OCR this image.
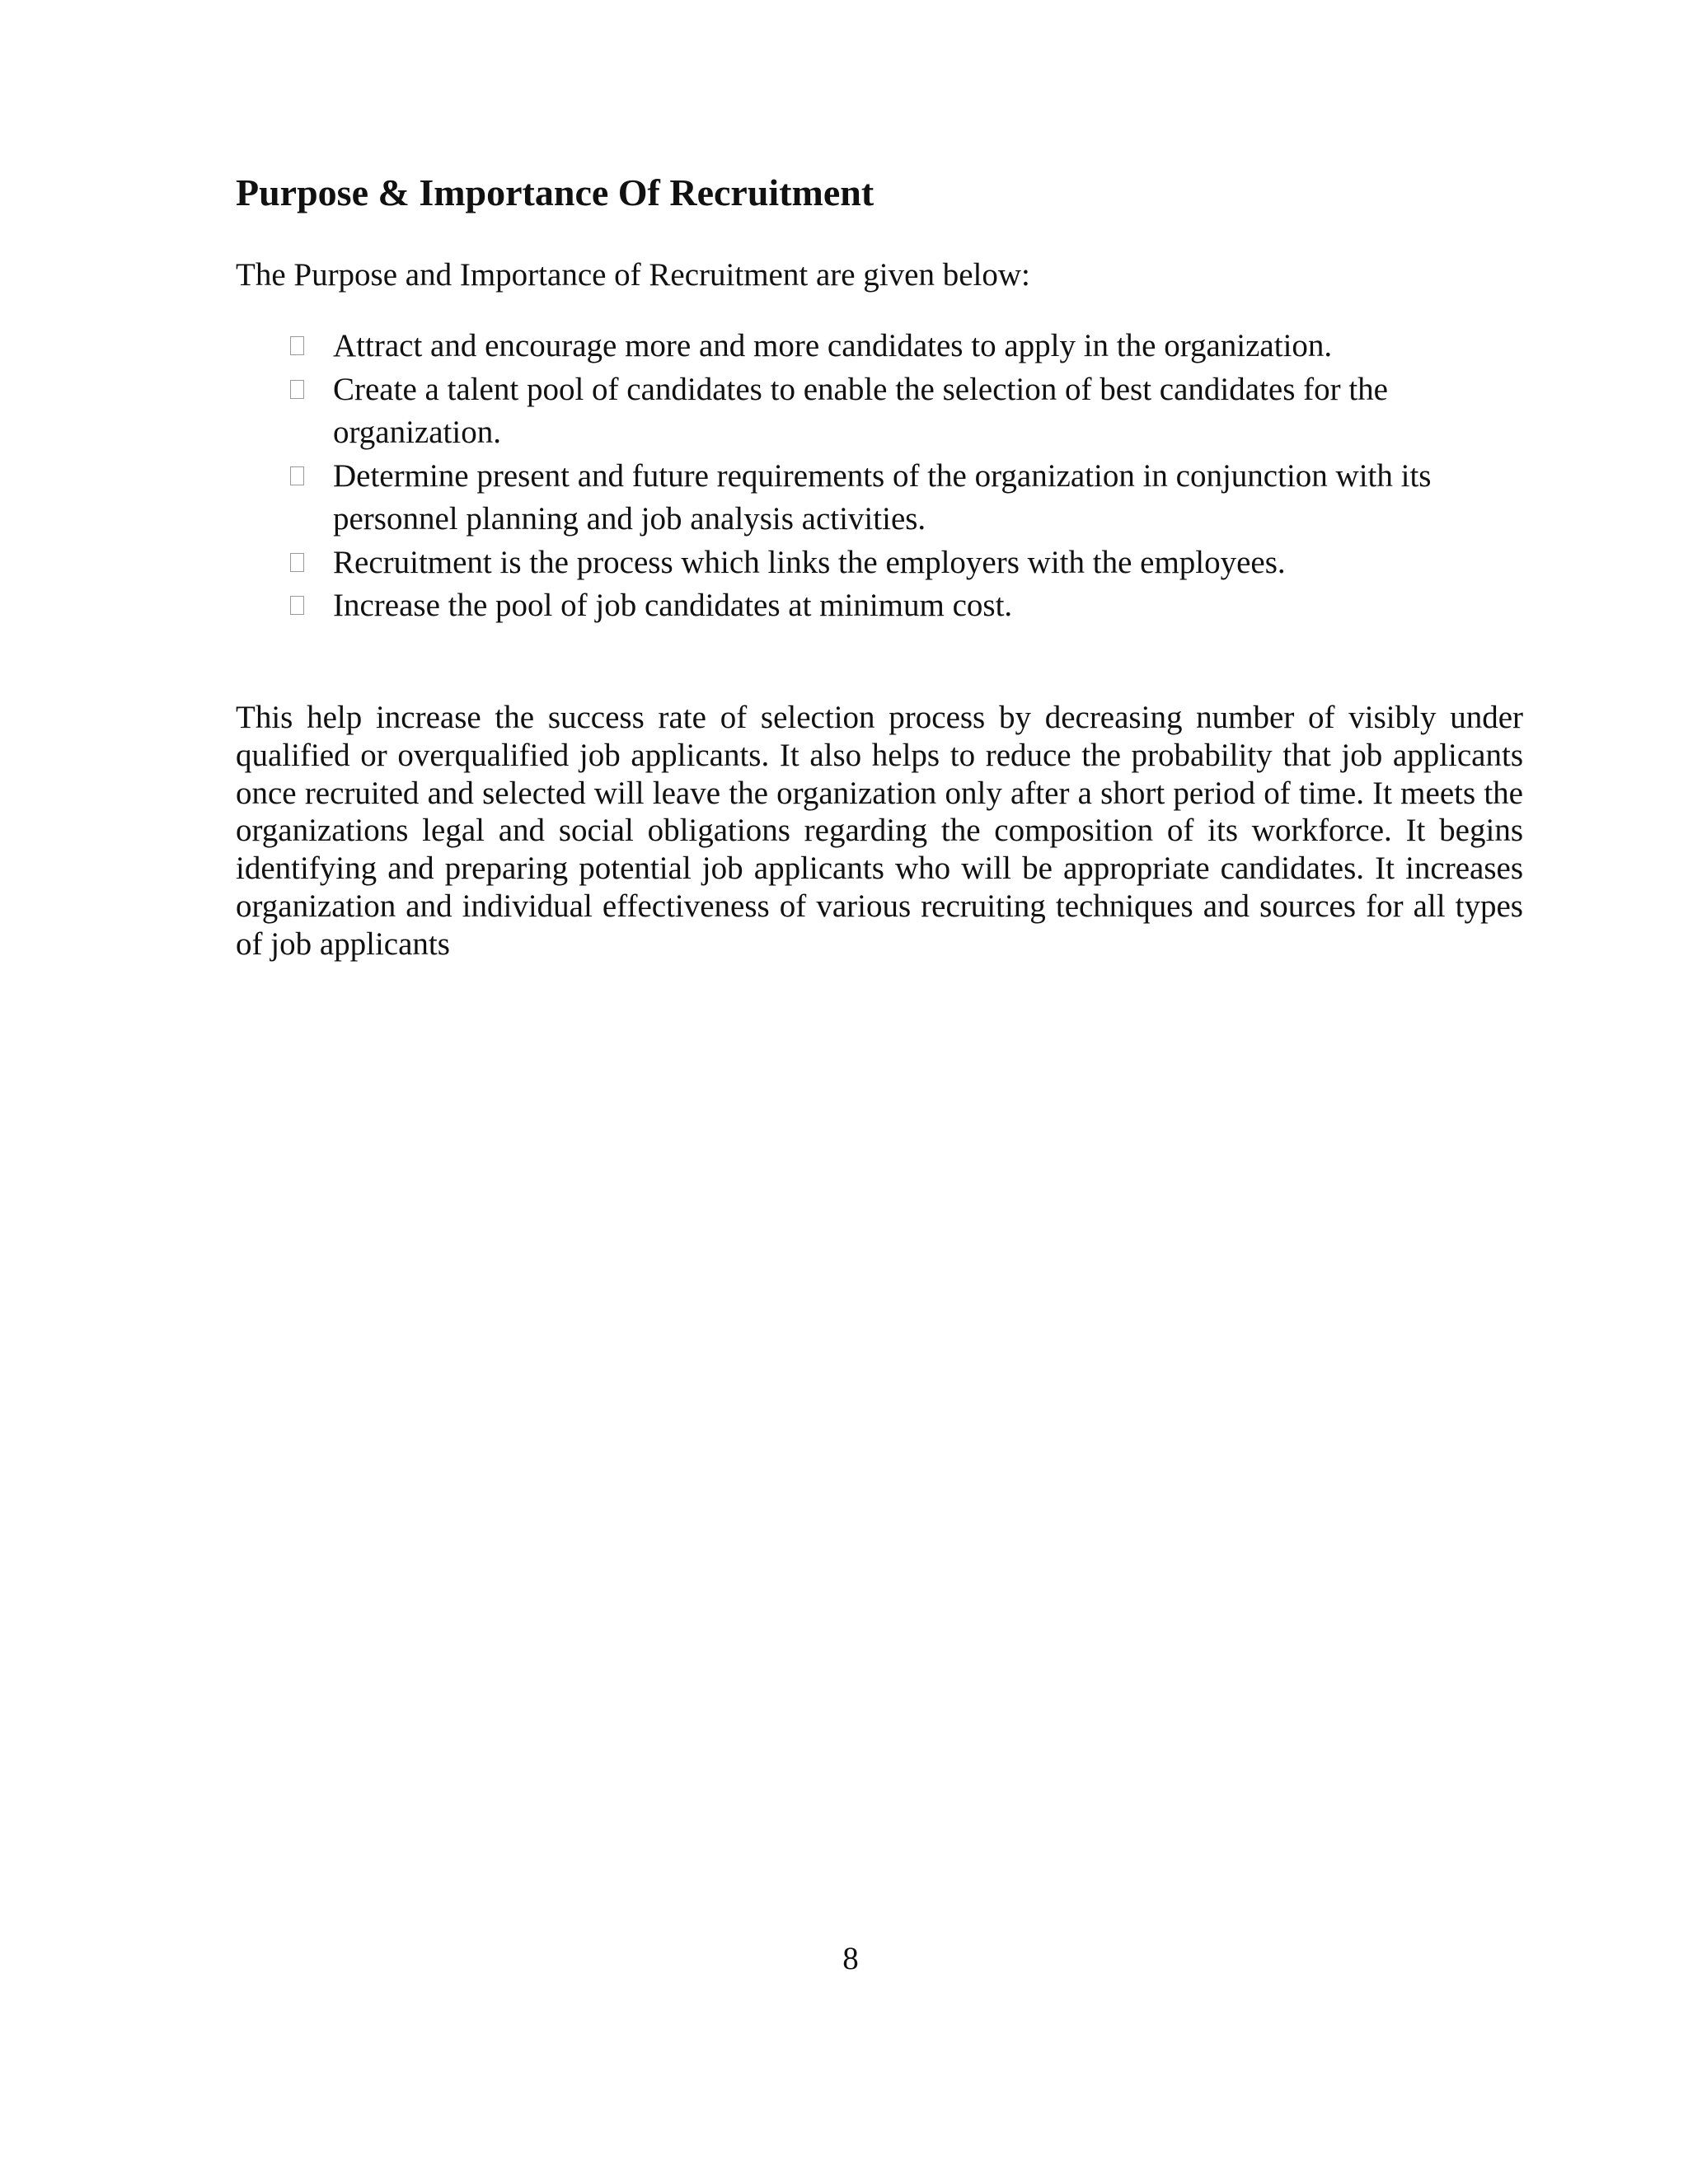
Purpose & Importance Of Recruitment

The Purpose and Importance of Recruitment are given below:

Attract and encourage more and more candidates to apply in the organization.
Create a talent pool of candidates to enable the selection of best candidates for the organization.
Determine present and future requirements of the organization in conjunction with its personnel planning and job analysis activities.
Recruitment is the process which links the employers with the employees.
Increase the pool of job candidates at minimum cost.

This help increase the success rate of selection process by decreasing number of visibly under qualified or overqualified job applicants. It also helps to reduce the probability that job applicants once recruited and selected will leave the organization only after a short period of time. It meets the organizations legal and social obligations regarding the composition of its workforce. It begins identifying and preparing potential job applicants who will be appropriate candidates. It increases organization and individual effectiveness of various recruiting techniques and sources for all types of job applicants

8
